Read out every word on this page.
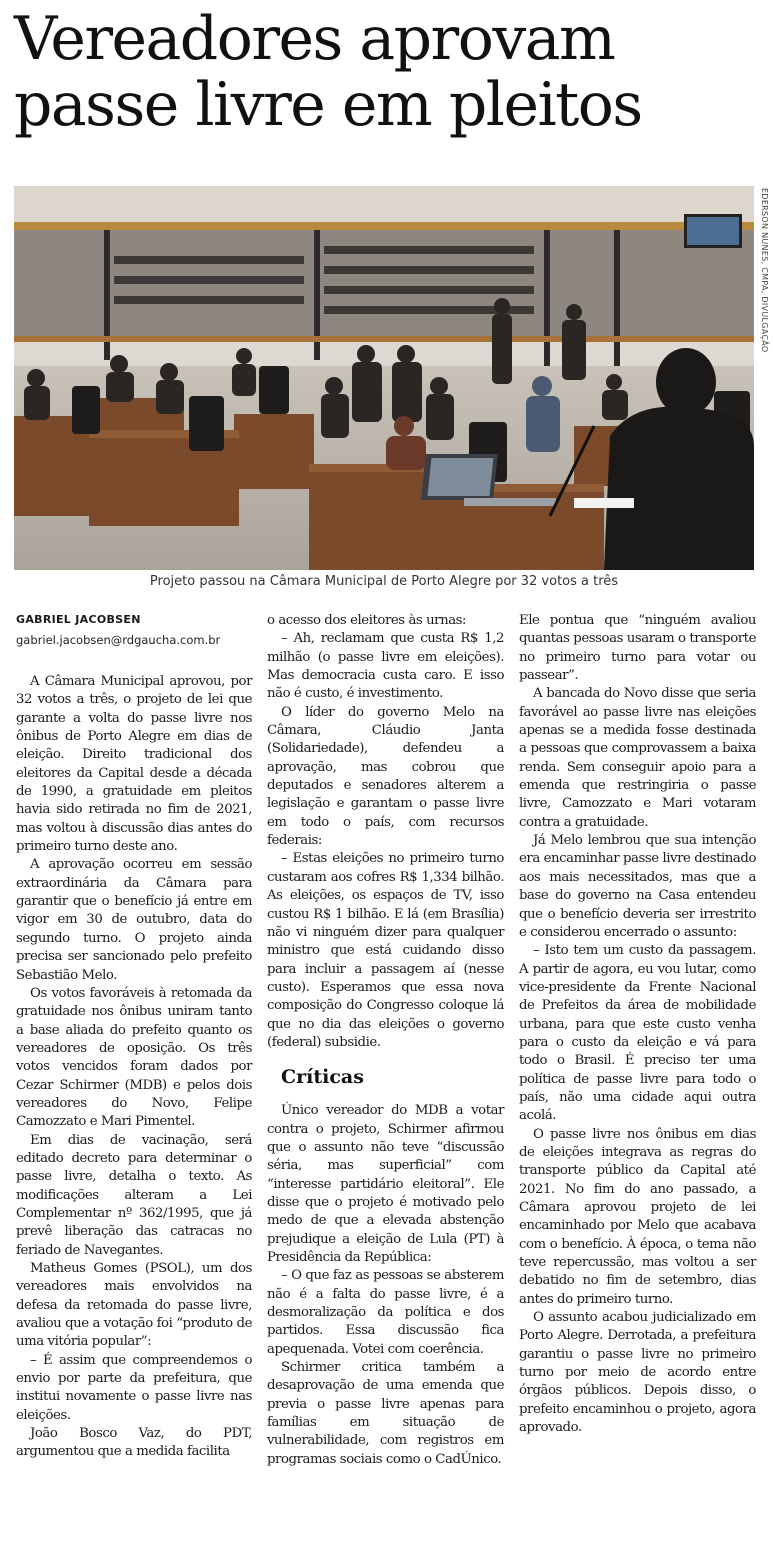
Vereadores aprovam passe livre em pleitos
EDERSON NUNES, CMPA, DIVULGAÇÃO
Projeto passou na Câmara Municipal de Porto Alegre por 32 votos a três
GABRIEL JACOBSEN
gabriel.jacobsen@rdgaucha.com.br

A Câmara Municipal aprovou, por 32 votos a três, o projeto de lei que garante a volta do passe livre nos ônibus de Porto Alegre em dias de eleição. Direito tradicional dos eleitores da Capital desde a década de 1990, a gratuidade em pleitos havia sido retirada no fim de 2021, mas voltou à discussão dias antes do primeiro turno deste ano.

A aprovação ocorreu em sessão extraordinária da Câmara para garantir que o benefício já entre em vigor em 30 de outubro, data do segundo turno. O projeto ainda precisa ser sancionado pelo prefeito Sebastião Melo.

Os votos favoráveis à retomada da gratuidade nos ônibus uniram tanto a base aliada do prefeito quanto os vereadores de oposição. Os três votos vencidos foram dados por Cezar Schirmer (MDB) e pelos dois vereadores do Novo, Felipe Camozzato e Mari Pimentel.

Em dias de vacinação, será editado decreto para determinar o passe livre, detalha o texto. As modificações alteram a Lei Complementar nº 362/1995, que já prevê liberação das catracas no feriado de Navegantes.

Matheus Gomes (PSOL), um dos vereadores mais envolvidos na defesa da retomada do passe livre, avaliou que a votação foi “produto de uma vitória popular”:

– É assim que compreendemos o envio por parte da prefeitura, que institui novamente o passe livre nas eleições.

João Bosco Vaz, do PDT, argumentou que a medida facilita

o acesso dos eleitores às urnas:

– Ah, reclamam que custa R$ 1,2 milhão (o passe livre em eleições). Mas democracia custa caro. E isso não é custo, é investimento.

O líder do governo Melo na Câmara, Cláudio Janta (Solidariedade), defendeu a aprovação, mas cobrou que deputados e senadores alterem a legislação e garantam o passe livre em todo o país, com recursos federais:

– Estas eleições no primeiro turno custaram aos cofres R$ 1,334 bilhão. As eleições, os espaços de TV, isso custou R$ 1 bilhão. E lá (em Brasília) não vi ninguém dizer para qualquer ministro que está cuidando disso para incluir a passagem aí (nesse custo). Esperamos que essa nova composição do Congresso coloque lá que no dia das eleições o governo (federal) subsidie.

Críticas

Único vereador do MDB a votar contra o projeto, Schirmer afirmou que o assunto não teve “discussão séria, mas superficial” com “interesse partidário eleitoral”. Ele disse que o projeto é motivado pelo medo de que a elevada abstenção prejudique a eleição de Lula (PT) à Presidência da República:

– O que faz as pessoas se absterem não é a falta do passe livre, é a desmoralização da política e dos partidos. Essa discussão fica apequenada. Votei com coerência.

Schirmer critica também a desaprovação de uma emenda que previa o passe livre apenas para famílias em situação de vulnerabilidade, com registros em programas sociais como o CadÚnico.

Ele pontua que “ninguém avaliou quantas pessoas usaram o transporte no primeiro turno para votar ou passear”.

A bancada do Novo disse que seria favorável ao passe livre nas eleições apenas se a medida fosse destinada a pessoas que comprovassem a baixa renda. Sem conseguir apoio para a emenda que restringiria o passe livre, Camozzato e Mari votaram contra a gratuidade.

Já Melo lembrou que sua intenção era encaminhar passe livre destinado aos mais necessitados, mas que a base do governo na Casa entendeu que o benefício deveria ser irrestrito e considerou encerrado o assunto:

– Isto tem um custo da passagem. A partir de agora, eu vou lutar, como vice-presidente da Frente Nacional de Prefeitos da área de mobilidade urbana, para que este custo venha para o custo da eleição e vá para todo o Brasil. É preciso ter uma política de passe livre para todo o país, não uma cidade aqui outra acolá.

O passe livre nos ônibus em dias de eleições integrava as regras do transporte público da Capital até 2021. No fim do ano passado, a Câmara aprovou projeto de lei encaminhado por Melo que acabava com o benefício. À época, o tema não teve repercussão, mas voltou a ser debatido no fim de setembro, dias antes do primeiro turno.

O assunto acabou judicializado em Porto Alegre. Derrotada, a prefeitura garantiu o passe livre no primeiro turno por meio de acordo entre órgãos públicos. Depois disso, o prefeito encaminhou o projeto, agora aprovado.
